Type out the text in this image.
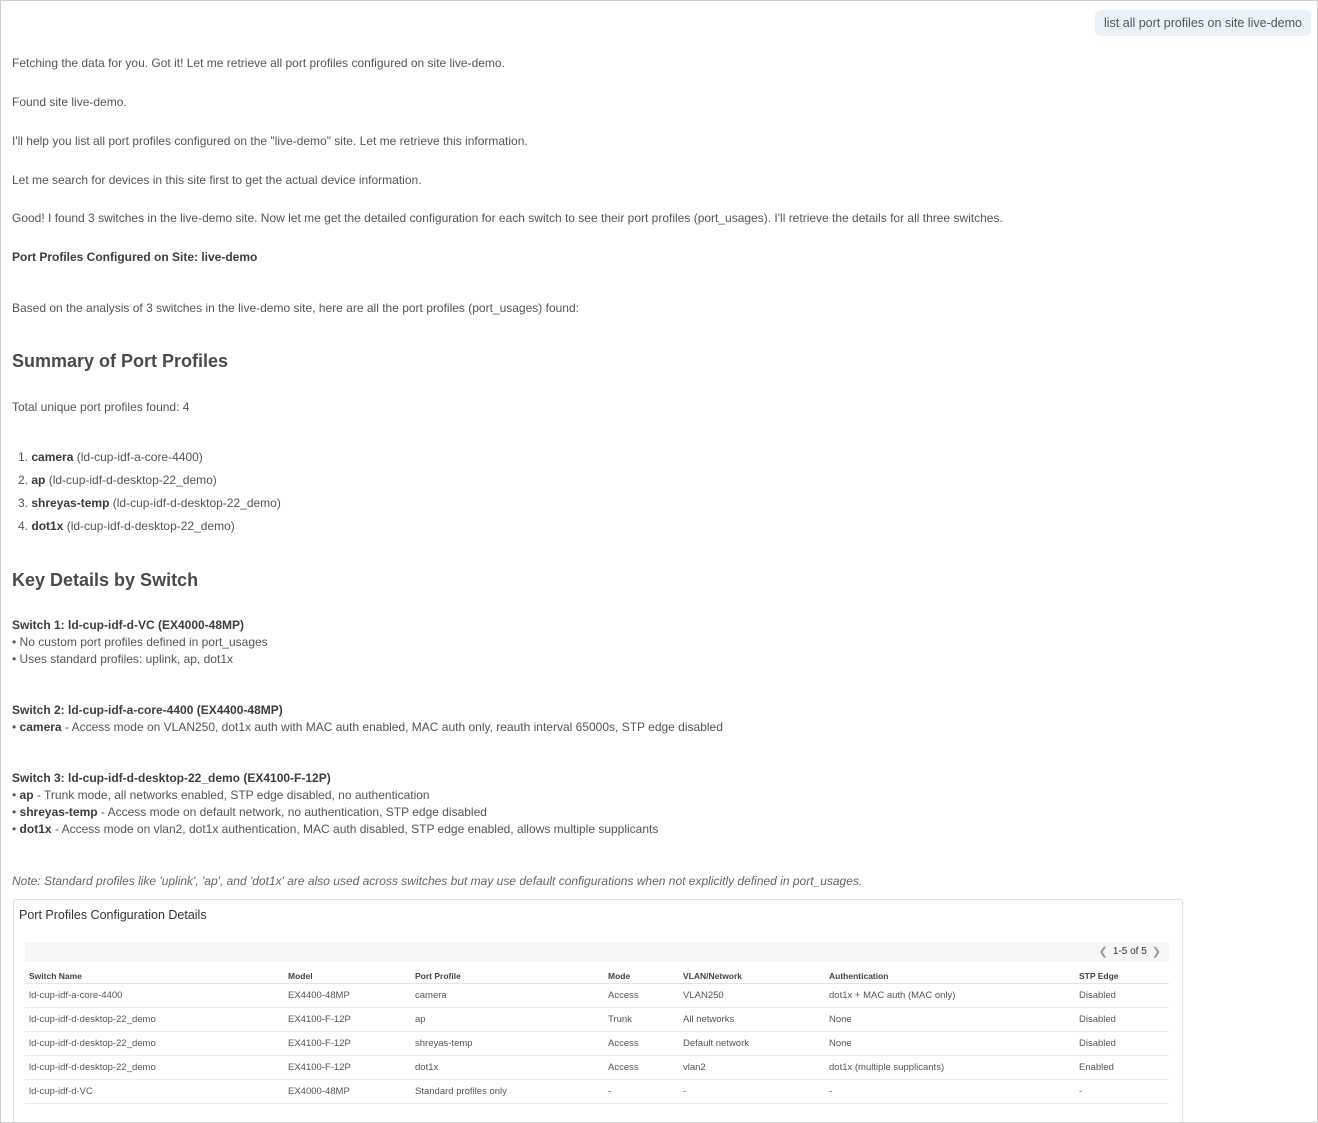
list all port profiles on site live-demo
Fetching the data for you. Got it! Let me retrieve all port profiles configured on site live-demo.
Found site live-demo.
I'll help you list all port profiles configured on the "live-demo" site. Let me retrieve this information.
Let me search for devices in this site first to get the actual device information.
Good! I found 3 switches in the live-demo site. Now let me get the detailed configuration for each switch to see their port profiles (port_usages). I'll retrieve the details for all three switches.
Port Profiles Configured on Site: live-demo
Based on the analysis of 3 switches in the live-demo site, here are all the port profiles (port_usages) found:
Summary of Port Profiles
Total unique port profiles found: 4
1. camera (ld-cup-idf-a-core-4400)
2. ap (ld-cup-idf-d-desktop-22_demo)
3. shreyas-temp (ld-cup-idf-d-desktop-22_demo)
4. dot1x (ld-cup-idf-d-desktop-22_demo)
Key Details by Switch
Switch 1: ld-cup-idf-d-VC (EX4000-48MP)
• No custom port profiles defined in port_usages
• Uses standard profiles: uplink, ap, dot1x
Switch 2: ld-cup-idf-a-core-4400 (EX4400-48MP)
• camera - Access mode on VLAN250, dot1x auth with MAC auth enabled, MAC auth only, reauth interval 65000s, STP edge disabled
Switch 3: ld-cup-idf-d-desktop-22_demo (EX4100-F-12P)
• ap - Trunk mode, all networks enabled, STP edge disabled, no authentication
• shreyas-temp - Access mode on default network, no authentication, STP edge disabled
• dot1x - Access mode on vlan2, dot1x authentication, MAC auth disabled, STP edge enabled, allows multiple supplicants
Note: Standard profiles like 'uplink', 'ap', and 'dot1x' are also used across switches but may use default configurations when not explicitly defined in port_usages.
Port Profiles Configuration Details
❮ 1-5 of 5 ❯
Switch Name	Model	Port Profile	Mode	VLAN/Network	Authentication	STP Edge
ld-cup-idf-a-core-4400	EX4400-48MP	camera	Access	VLAN250	dot1x + MAC auth (MAC only)	Disabled
ld-cup-idf-d-desktop-22_demo	EX4100-F-12P	ap	Trunk	All networks	None	Disabled
ld-cup-idf-d-desktop-22_demo	EX4100-F-12P	shreyas-temp	Access	Default network	None	Disabled
ld-cup-idf-d-desktop-22_demo	EX4100-F-12P	dot1x	Access	vlan2	dot1x (multiple supplicants)	Enabled
ld-cup-idf-d-VC	EX4000-48MP	Standard profiles only	-	-	-	-
